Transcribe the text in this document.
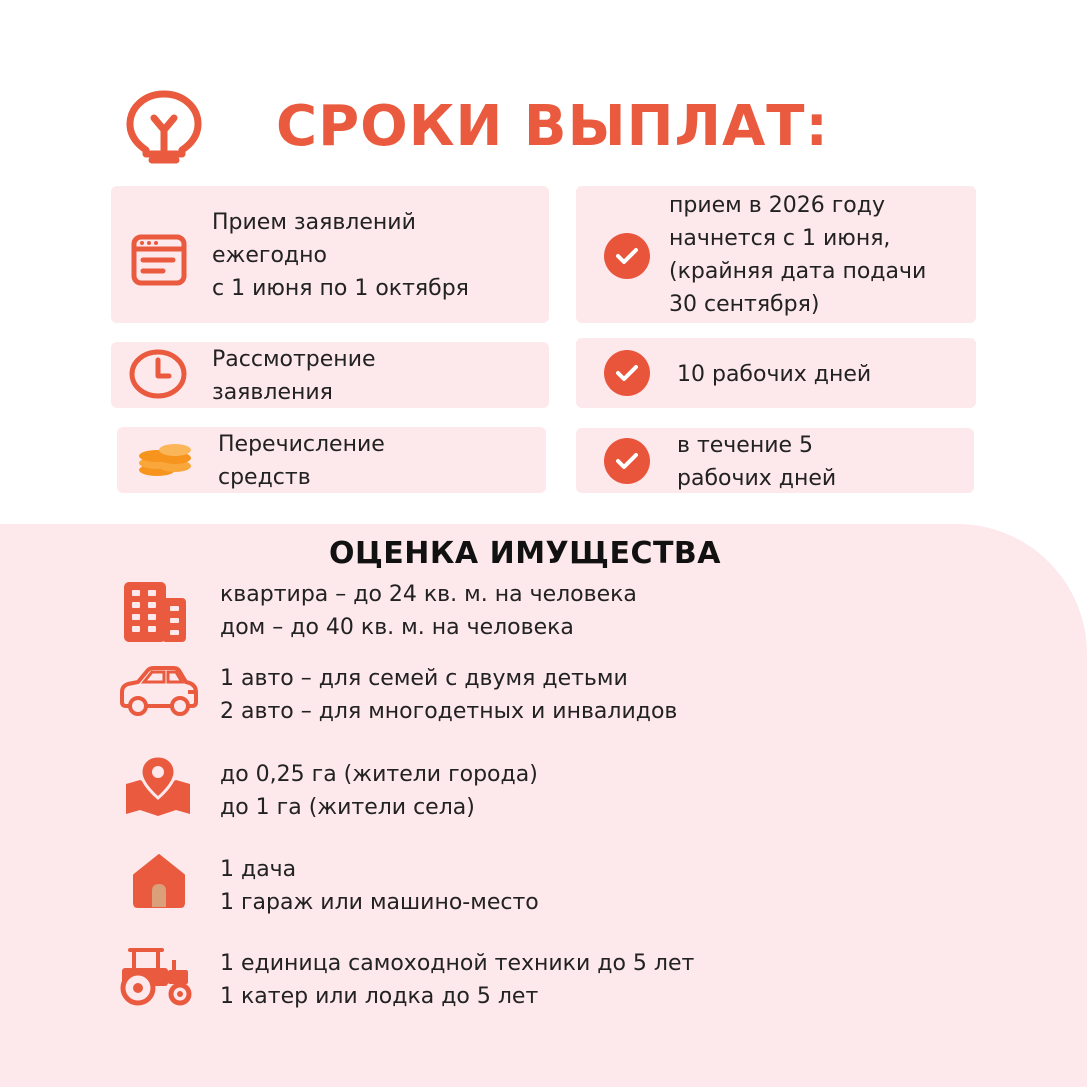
СРОКИ ВЫПЛАТ:
Прием заявлений
ежегодно
с 1 июня по 1 октября
прием в 2026 году
начнется с 1 июня,
(крайняя дата подачи
30 сентября)
Рассмотрение
заявления
10 рабочих дней
Перечисление
средств
в течение 5
рабочих дней
ОЦЕНКА ИМУЩЕСТВА
квартира – до 24 кв. м. на человека
дом – до 40 кв. м. на человека
1 авто – для семей с двумя детьми
2 авто – для многодетных и инвалидов
до 0,25 га (жители города)
до 1 га (жители села)
1 дача
1 гараж или машино-место
1 единица самоходной техники до 5 лет
1 катер или лодка до 5 лет
